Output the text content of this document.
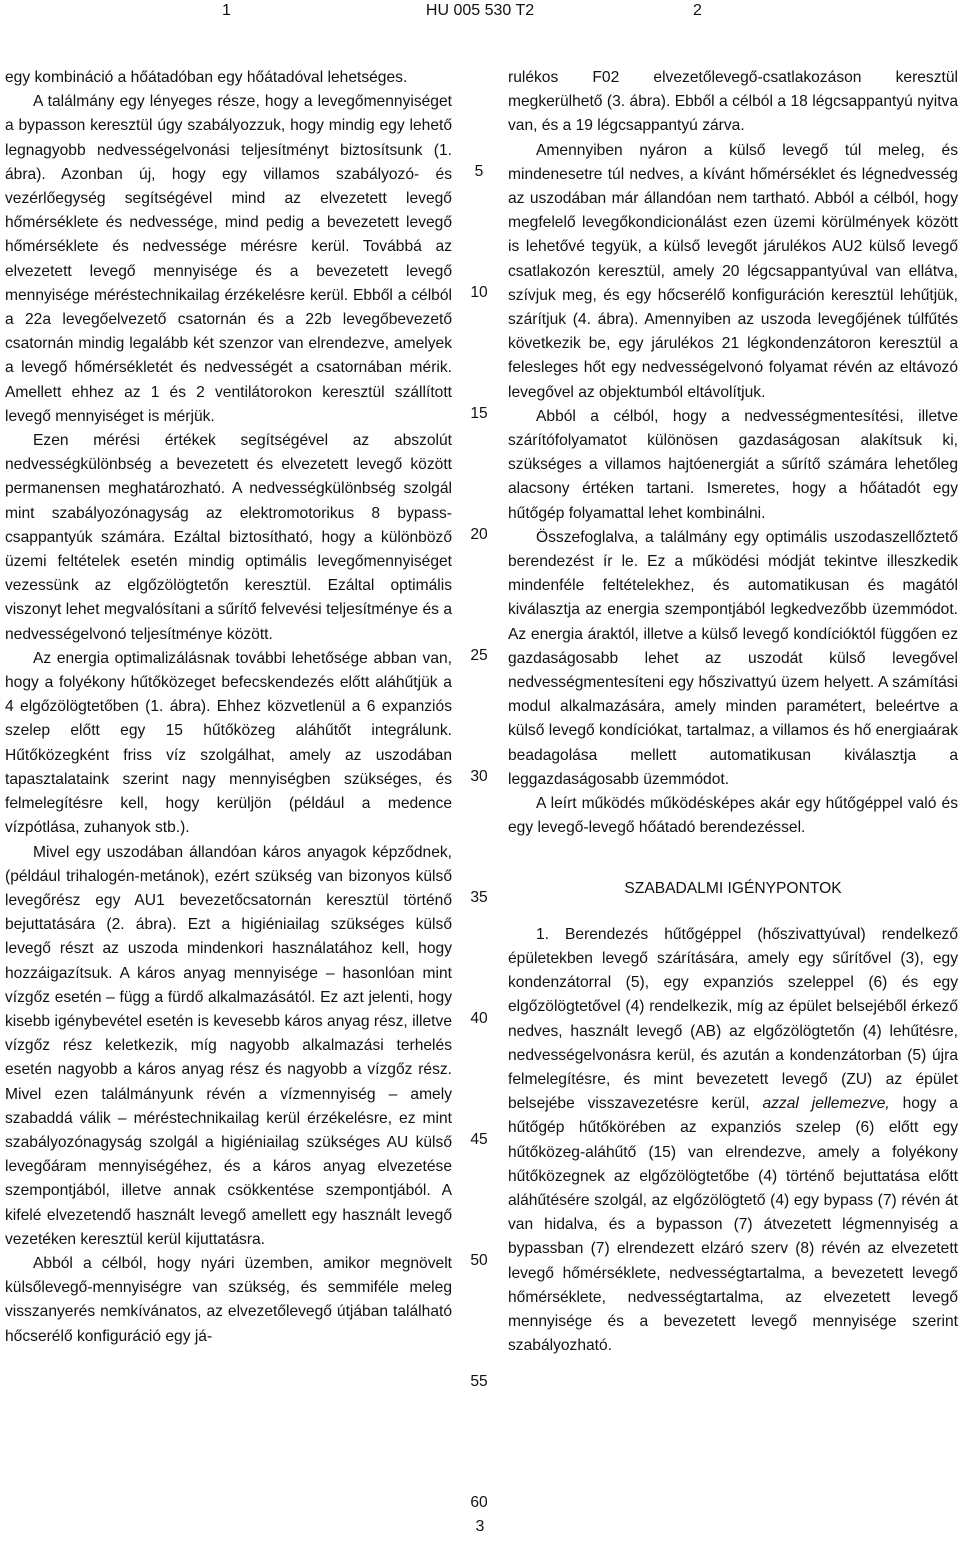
1	HU 005 530 T2	2

egy kombináció a hőátadóban egy hőátadóval lehetséges.

A találmány egy lényeges része, hogy a levegőmennyiséget a bypasson keresztül úgy szabályozzuk, hogy mindig egy lehető legnagyobb nedvességelvonási teljesítményt biztosítsunk (1. ábra). Azonban új, hogy egy villamos szabályozó- és vezérlőegység segítségével mind az elvezetett levegő hőmérséklete és nedvessége, mind pedig a bevezetett levegő hőmérséklete és nedvessége mérésre kerül. Továbbá az elvezetett levegő mennyisége és a bevezetett levegő mennyisége méréstechnikailag érzékelésre kerül. Ebből a célból a 22a levegőelvezető csatornán és a 22b levegőbevezető csatornán mindig legalább két szenzor van elrendezve, amelyek a levegő hőmérsékletét és nedvességét a csatornában mérik. Amellett ehhez az 1 és 2 ventilátorokon keresztül szállított levegő mennyiséget is mérjük.

Ezen mérési értékek segítségével az abszolút nedvességkülönbség a bevezetett és elvezetett levegő között permanensen meghatározható. A nedvességkülönbség szolgál mint szabályozónagyság az elektromotorikus 8 bypass-csappantyúk számára. Ezáltal biztosítható, hogy a különböző üzemi feltételek esetén mindig optimális levegőmennyiséget vezessünk az elgőzölögtetőn keresztül. Ezáltal optimális viszonyt lehet megvalósítani a sűrítő felvevési teljesítménye és a nedvességelvonó teljesítménye között.

Az energia optimalizálásnak további lehetősége abban van, hogy a folyékony hűtőközeget befecskendezés előtt aláhűtjük a 4 elgőzölögtetőben (1. ábra). Ehhez közvetlenül a 6 expanziós szelep előtt egy 15 hűtőközeg aláhűtőt integrálunk. Hűtőközegként friss víz szolgálhat, amely az uszodában tapasztalataink szerint nagy mennyiségben szükséges, és felmelegítésre kell, hogy kerüljön (például a medence vízpótlása, zuhanyok stb.).

Mivel egy uszodában állandóan káros anyagok képződnek, (például trihalogén-metánok), ezért szükség van bizonyos külső levegőrész egy AU1 bevezetőcsatornán keresztül történő bejuttatására (2. ábra). Ezt a higiéniailag szükséges külső levegő részt az uszoda mindenkori használatához kell, hogy hozzáigazítsuk. A káros anyag mennyisége – hasonlóan mint vízgőz esetén – függ a fürdő alkalmazásától. Ez azt jelenti, hogy kisebb igénybevétel esetén is kevesebb káros anyag rész, illetve vízgőz rész keletkezik, míg nagyobb alkalmazási terhelés esetén nagyobb a káros anyag rész és nagyobb a vízgőz rész. Mivel ezen találmányunk révén a vízmennyiség – amely szabaddá válik – méréstechnikailag kerül érzékelésre, ez mint szabályozónagyság szolgál a higiéniailag szükséges AU külső levegőáram mennyiségéhez, és a káros anyag elvezetése szempontjából, illetve annak csökkentése szempontjából. A kifelé elvezetendő használt levegő amellett egy használt levegő vezetéken keresztül kerül kijuttatásra.

Abból a célból, hogy nyári üzemben, amikor megnövelt külsőlevegő-mennyiségre van szükség, és semmiféle meleg visszanyerés nemkívánatos, az elvezetőlevegő útjában található hőcserélő konfiguráció egy já-

5
10
15
20
25
30
35
40
45
50
55
60

rulékos F02 elvezetőlevegő-csatlakozáson keresztül megkerülhető (3. ábra). Ebből a célból a 18 légcsappantyú nyitva van, és a 19 légcsappantyú zárva.

Amennyiben nyáron a külső levegő túl meleg, és mindenesetre túl nedves, a kívánt hőmérséklet és légnedvesség az uszodában már állandóan nem tartható. Abból a célból, hogy megfelelő levegőkondicionálást ezen üzemi körülmények között is lehetővé tegyük, a külső levegőt járulékos AU2 külső levegő csatlakozón keresztül, amely 20 légcsappantyúval van ellátva, szívjuk meg, és egy hőcserélő konfiguráción keresztül lehűtjük, szárítjuk (4. ábra). Amennyiben az uszoda levegőjének túlfűtés következik be, egy járulékos 21 légkondenzátoron keresztül a felesleges hőt egy nedvességelvonó folyamat révén az eltávozó levegővel az objektumból eltávolítjuk.

Abból a célból, hogy a nedvességmentesítési, illetve szárítófolyamatot különösen gazdaságosan alakítsuk ki, szükséges a villamos hajtóenergiát a sűrítő számára lehetőleg alacsony értéken tartani. Ismeretes, hogy a hőátadót egy hűtőgép folyamattal lehet kombinálni.

Összefoglalva, a találmány egy optimális uszodaszellőztető berendezést ír le. Ez a működési módját tekintve illeszkedik mindenféle feltételekhez, és automatikusan és magától kiválasztja az energia szempontjából legkedvezőbb üzemmódot. Az energia áraktól, illetve a külső levegő kondícióktól függően ez gazdaságosabb lehet az uszodát külső levegővel nedvességmentesíteni egy hőszivattyú üzem helyett. A számítási modul alkalmazására, amely minden paramétert, beleértve a külső levegő kondíciókat, tartalmaz, a villamos és hő energiaárak beadagolása mellett automatikusan kiválasztja a leggazdaságosabb üzemmódot.

A leírt működés működésképes akár egy hűtőgéppel való és egy levegő-levegő hőátadó berendezéssel.

SZABADALMI IGÉNYPONTOK

1. Berendezés hűtőgéppel (hőszivattyúval) rendelkező épületekben levegő szárítására, amely egy sűrítővel (3), egy kondenzátorral (5), egy expanziós szeleppel (6) és egy elgőzölögtetővel (4) rendelkezik, míg az épület belsejéből érkező nedves, használt levegő (AB) az elgőzölögtetőn (4) lehűtésre, nedvességelvonásra kerül, és azután a kondenzátorban (5) újra felmelegítésre, és mint bevezetett levegő (ZU) az épület belsejébe visszavezetésre kerül, azzal jellemezve, hogy a hűtőgép hűtőkörében az expanziós szelep (6) előtt egy hűtőközeg-aláhűtő (15) van elrendezve, amely a folyékony hűtőközegnek az elgőzölögtetőbe (4) történő bejuttatása előtt aláhűtésére szolgál, az elgőzölögtető (4) egy bypass (7) révén át van hidalva, és a bypasson (7) átvezetett légmennyiség a bypassban (7) elrendezett elzáró szerv (8) révén az elvezetett levegő hőmérséklete, nedvességtartalma, a bevezetett levegő hőmérséklete, nedvességtartalma, az elvezetett levegő mennyisége és a bevezetett levegő mennyisége szerint szabályozható.

3
